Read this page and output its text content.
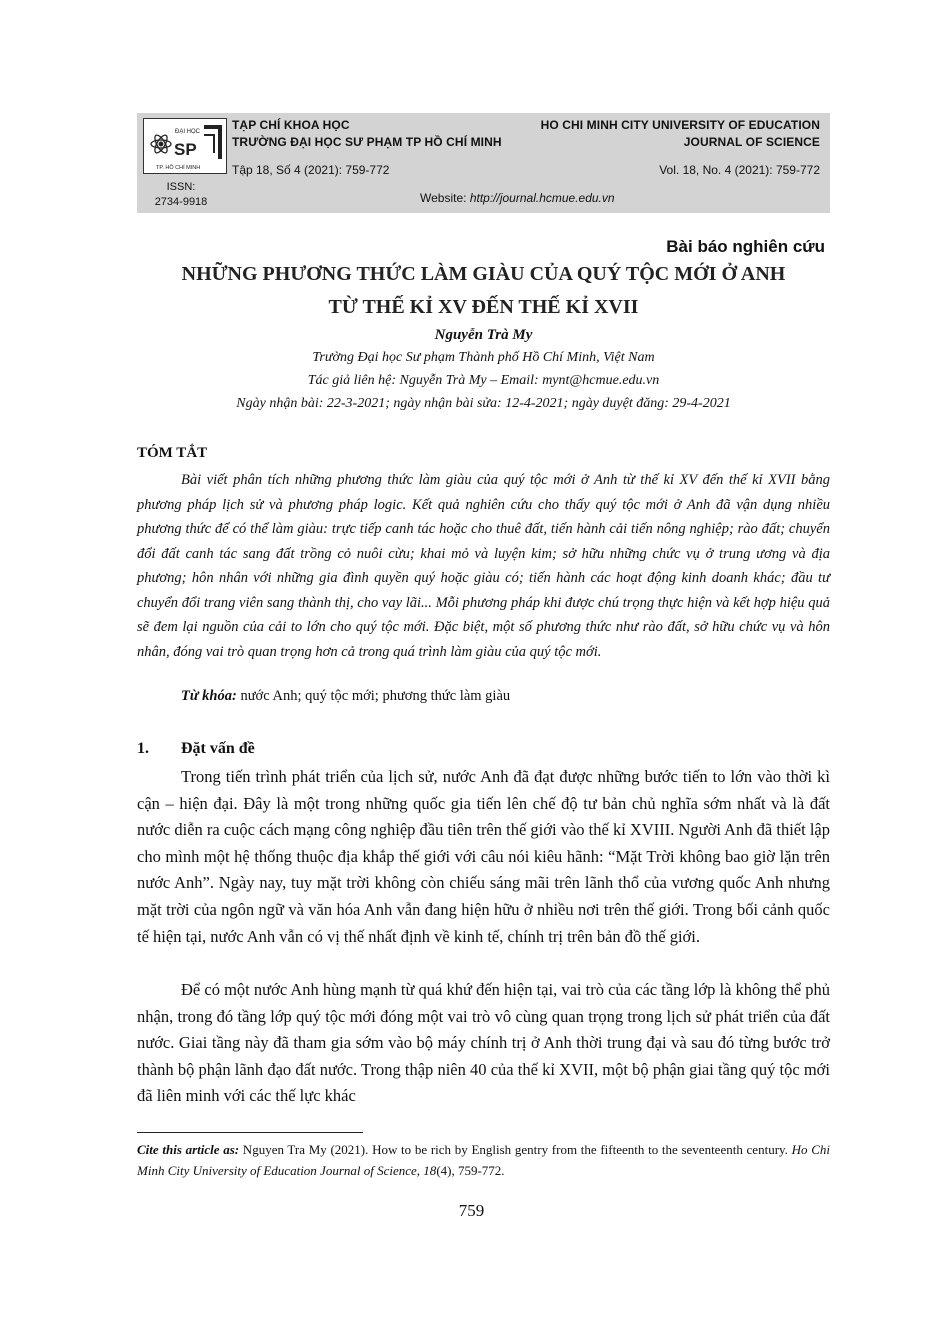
ĐẠI HỌC
SP
TP. HỒ CHÍ MINH
TẠP CHÍ KHOA HỌC
TRƯỜNG ĐẠI HỌC SƯ PHẠM TP HỒ CHÍ MINH
Tập 18, Số 4 (2021): 759-772
HO CHI MINH CITY UNIVERSITY OF EDUCATION
JOURNAL OF SCIENCE
Vol. 18, No. 4 (2021): 759-772
ISSN:
2734-9918	Website: http://journal.hcmue.edu.vn
Bài báo nghiên cứu
NHỮNG PHƯƠNG THỨC LÀM GIÀU CỦA QUÝ TỘC MỚI Ở ANH
TỪ THẾ KỈ XV ĐẾN THẾ KỈ XVII
Nguyễn Trà My
Trường Đại học Sư phạm Thành phố Hồ Chí Minh, Việt Nam
Tác giả liên hệ: Nguyễn Trà My – Email: mynt@hcmue.edu.vn
Ngày nhận bài: 22-3-2021; ngày nhận bài sửa: 12-4-2021; ngày duyệt đăng: 29-4-2021
TÓM TẮT

Bài viết phân tích những phương thức làm giàu của quý tộc mới ở Anh từ thế kỉ XV đến thế kỉ XVII bằng phương pháp lịch sử và phương pháp logic. Kết quả nghiên cứu cho thấy quý tộc mới ở Anh đã vận dụng nhiều phương thức để có thể làm giàu: trực tiếp canh tác hoặc cho thuê đất, tiến hành cải tiến nông nghiệp; rào đất; chuyển đổi đất canh tác sang đất trồng cỏ nuôi cừu; khai mỏ và luyện kim; sở hữu những chức vụ ở trung ương và địa phương; hôn nhân với những gia đình quyền quý hoặc giàu có; tiến hành các hoạt động kinh doanh khác; đầu tư chuyển đổi trang viên sang thành thị, cho vay lãi... Mỗi phương pháp khi được chú trọng thực hiện và kết hợp hiệu quả sẽ đem lại nguồn của cải to lớn cho quý tộc mới. Đặc biệt, một số phương thức như rào đất, sở hữu chức vụ và hôn nhân, đóng vai trò quan trọng hơn cả trong quá trình làm giàu của quý tộc mới.

Từ khóa: nước Anh; quý tộc mới; phương thức làm giàu
1. Đặt vấn đề

Trong tiến trình phát triển của lịch sử, nước Anh đã đạt được những bước tiến to lớn vào thời kì cận – hiện đại. Đây là một trong những quốc gia tiến lên chế độ tư bản chủ nghĩa sớm nhất và là đất nước diễn ra cuộc cách mạng công nghiệp đầu tiên trên thế giới vào thế kỉ XVIII. Người Anh đã thiết lập cho mình một hệ thống thuộc địa khắp thế giới với câu nói kiêu hãnh: “Mặt Trời không bao giờ lặn trên nước Anh”. Ngày nay, tuy mặt trời không còn chiếu sáng mãi trên lãnh thổ của vương quốc Anh nhưng mặt trời của ngôn ngữ và văn hóa Anh vẫn đang hiện hữu ở nhiều nơi trên thế giới. Trong bối cảnh quốc tế hiện tại, nước Anh vẫn có vị thế nhất định về kinh tế, chính trị trên bản đồ thế giới.

Để có một nước Anh hùng mạnh từ quá khứ đến hiện tại, vai trò của các tầng lớp là không thể phủ nhận, trong đó tầng lớp quý tộc mới đóng một vai trò vô cùng quan trọng trong lịch sử phát triển của đất nước. Giai tầng này đã tham gia sớm vào bộ máy chính trị ở Anh thời trung đại và sau đó từng bước trở thành bộ phận lãnh đạo đất nước. Trong thập niên 40 của thế kỉ XVII, một bộ phận giai tầng quý tộc mới đã liên minh với các thế lực khác

Cite this article as: Nguyen Tra My (2021). How to be rich by English gentry from the fifteenth to the seventeenth century. Ho Chi Minh City University of Education Journal of Science, 18(4), 759-772.

759
